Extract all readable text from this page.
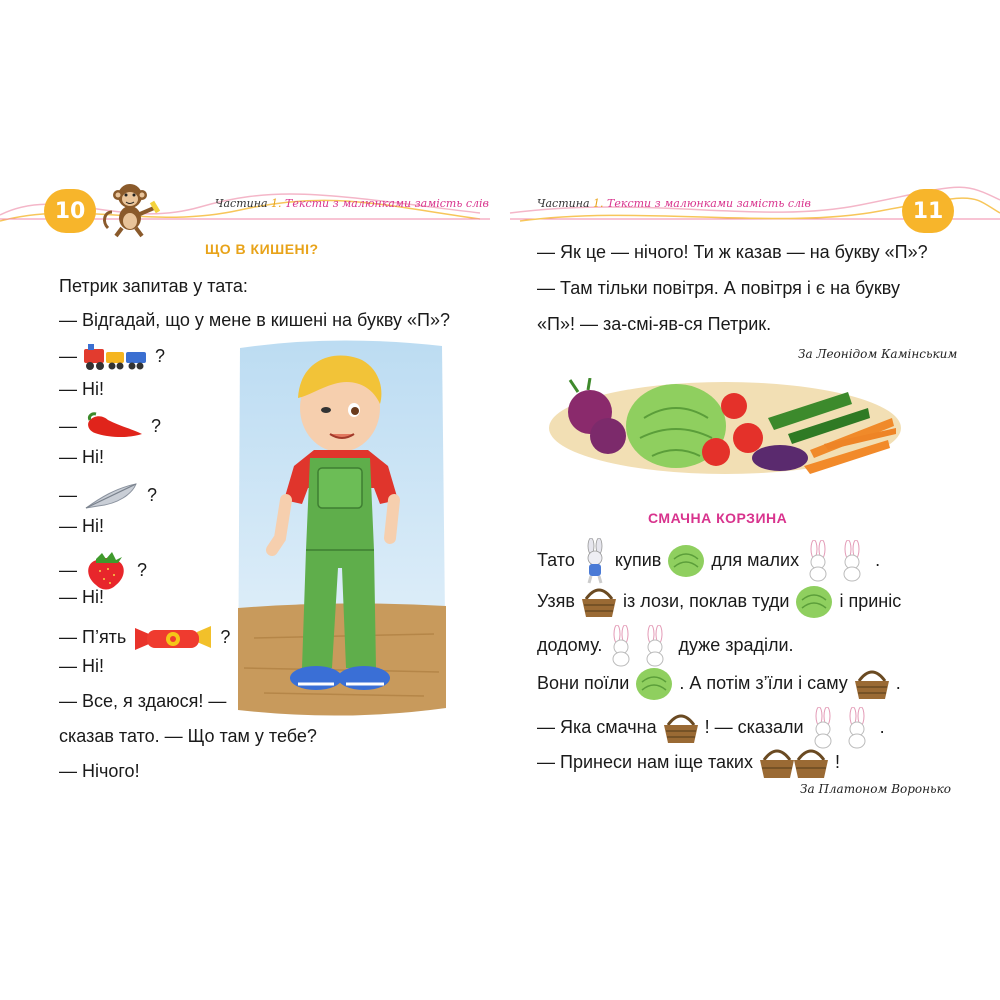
10	Частина 1. Тексти з малюнками замість слів
ЩО В КИШЕНІ?
Петрик запитав у тата:
— Відгадай, що у мене в кишені на букву «П»?
—	?
— Ні!
—	?
— Ні!
—	?
— Ні!
—	?
— Ні!
— П’ять	?
— Ні!
— Все, я здаюся! —
сказав тато. — Що там у тебе?
— Нічого!
11
Частина 1. Тексти з малюнками замість слів
— Як це — нічого! Ти ж казав — на букву «П»?
— Там тільки повітря. А повітря і є на букву
«П»! — за-смі-яв-ся Петрик.
За Леонідом Камінським
СМАЧНА КОРЗИНА
Тато купив	для малих	.
Узяв	із лози, поклав туди	і приніс
додому.	дуже зраділи.
Вони поїли	. А потім з’їли і саму	.
— Яка смачна	! — сказали	.
— Принеси нам іще таких	!
За Платоном Воронько
